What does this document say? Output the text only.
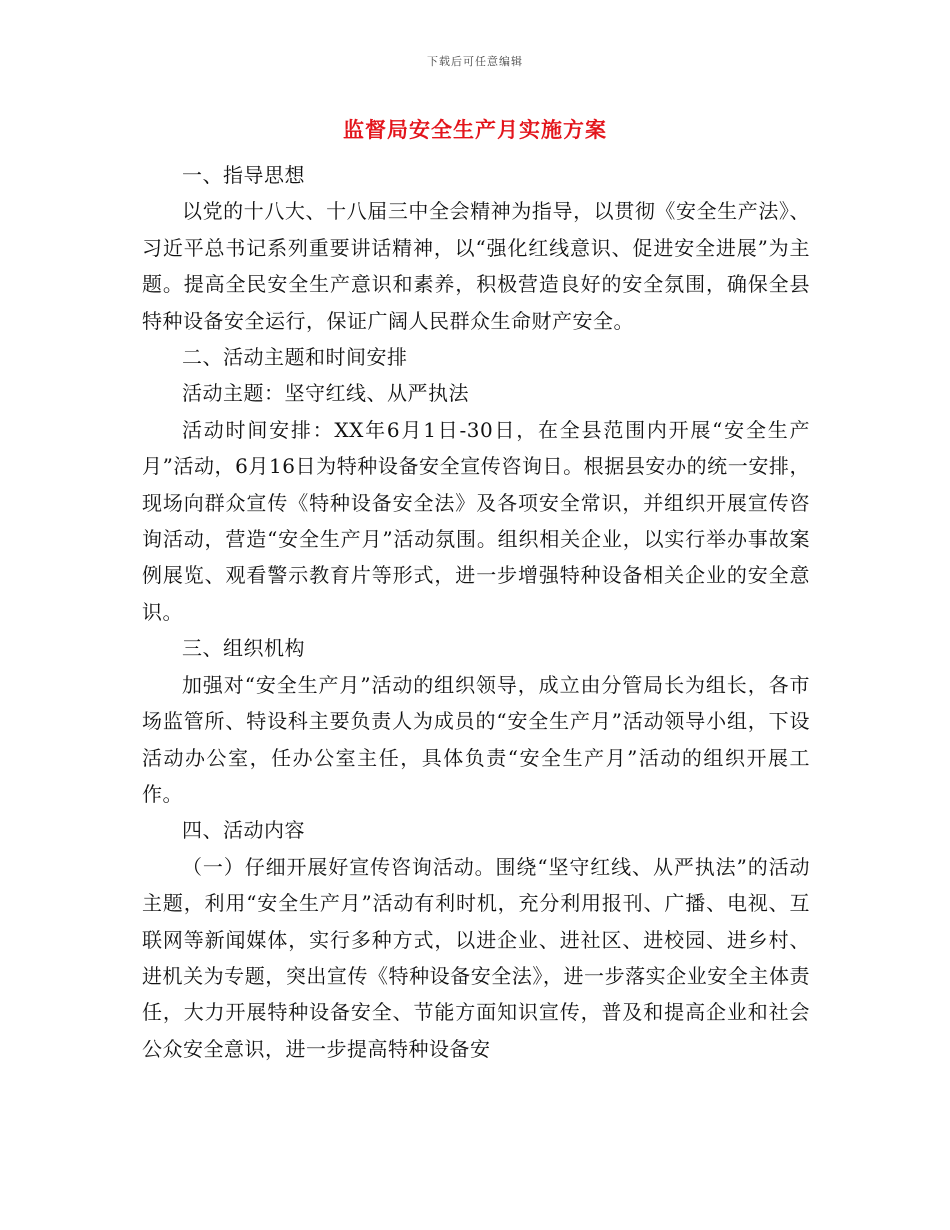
下载后可任意编辑
监督局安全生产月实施方案

一、指导思想

以党的十八大、十八届三中全会精神为指导，以贯彻《安全生产法》、习近平总书记系列重要讲话精神，以“强化红线意识、促进安全进展”为主题。提高全民安全生产意识和素养，积极营造良好的安全氛围，确保全县特种设备安全运行，保证广阔人民群众生命财产安全。

二、活动主题和时间安排

活动主题：坚守红线、从严执法

活动时间安排：XX年6月1日-30日，在全县范围内开展“安全生产月”活动，6月16日为特种设备安全宣传咨询日。根据县安办的统一安排，现场向群众宣传《特种设备安全法》及各项安全常识，并组织开展宣传咨询活动，营造“安全生产月”活动氛围。组织相关企业，以实行举办事故案例展览、观看警示教育片等形式，进一步增强特种设备相关企业的安全意识。

三、组织机构

加强对“安全生产月”活动的组织领导，成立由分管局长为组长，各市场监管所、特设科主要负责人为成员的“安全生产月”活动领导小组，下设活动办公室，任办公室主任，具体负责“安全生产月”活动的组织开展工作。

四、活动内容

（一）仔细开展好宣传咨询活动。围绕“坚守红线、从严执法”的活动主题，利用“安全生产月”活动有利时机，充分利用报刊、广播、电视、互联网等新闻媒体，实行多种方式，以进企业、进社区、进校园、进乡村、进机关为专题，突出宣传《特种设备安全法》，进一步落实企业安全主体责任，大力开展特种设备安全、节能方面知识宣传，普及和提高企业和社会公众安全意识，进一步提高特种设备安
